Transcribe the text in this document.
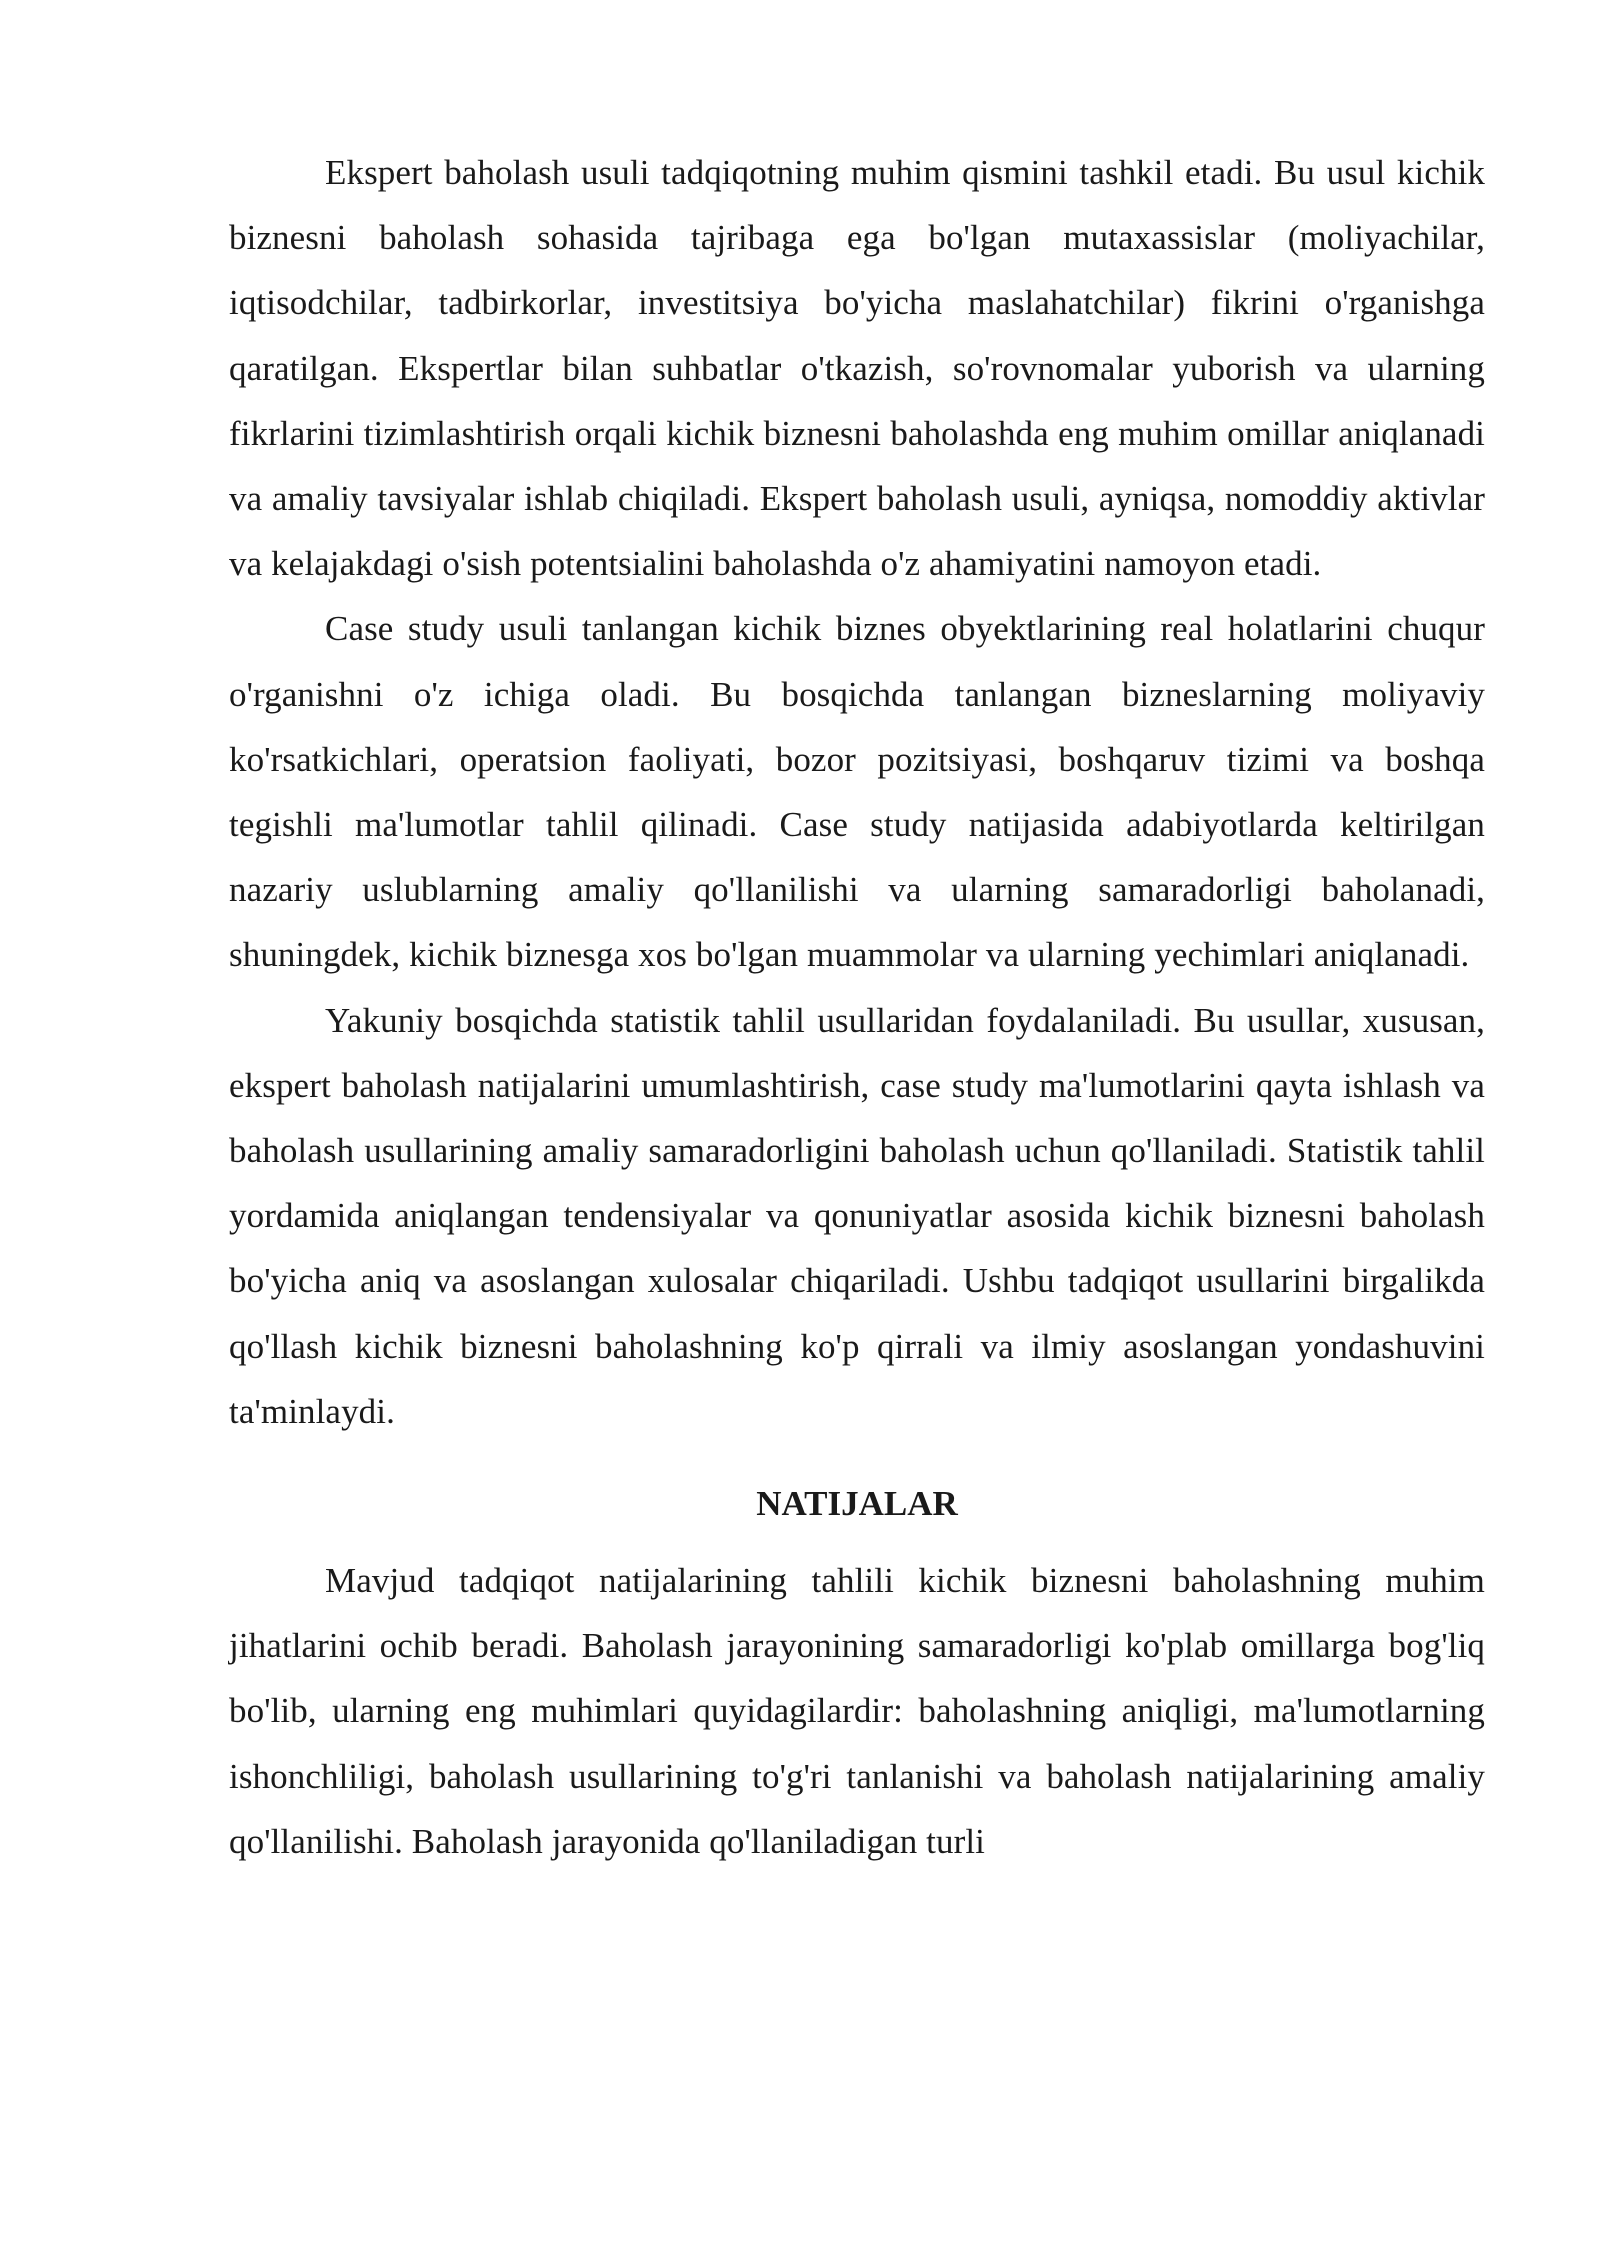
Ekspert baholash usuli tadqiqotning muhim qismini tashkil etadi. Bu usul kichik biznesni baholash sohasida tajribaga ega bo'lgan mutaxassislar (moliyachilar, iqtisodchilar, tadbirkorlar, investitsiya bo'yicha maslahatchilar) fikrini o'rganishga qaratilgan. Ekspertlar bilan suhbatlar o'tkazish, so'rovnomalar yuborish va ularning fikrlarini tizimlashtirish orqali kichik biznesni baholashda eng muhim omillar aniqlanadi va amaliy tavsiyalar ishlab chiqiladi. Ekspert baholash usuli, ayniqsa, nomoddiy aktivlar va kelajakdagi o'sish potentsialini baholashda o'z ahamiyatini namoyon etadi.

Case study usuli tanlangan kichik biznes obyektlarining real holatlarini chuqur o'rganishni o'z ichiga oladi. Bu bosqichda tanlangan bizneslarning moliyaviy ko'rsatkichlari, operatsion faoliyati, bozor pozitsiyasi, boshqaruv tizimi va boshqa tegishli ma'lumotlar tahlil qilinadi. Case study natijasida adabiyotlarda keltirilgan nazariy uslublarning amaliy qo'llanilishi va ularning samaradorligi baholanadi, shuningdek, kichik biznesga xos bo'lgan muammolar va ularning yechimlari aniqlanadi.

Yakuniy bosqichda statistik tahlil usullaridan foydalaniladi. Bu usullar, xususan, ekspert baholash natijalarini umumlashtirish, case study ma'lumotlarini qayta ishlash va baholash usullarining amaliy samaradorligini baholash uchun qo'llaniladi. Statistik tahlil yordamida aniqlangan tendensiyalar va qonuniyatlar asosida kichik biznesni baholash bo'yicha aniq va asoslangan xulosalar chiqariladi. Ushbu tadqiqot usullarini birgalikda qo'llash kichik biznesni baholashning ko'p qirrali va ilmiy asoslangan yondashuvini ta'minlaydi.

NATIJALAR

Mavjud tadqiqot natijalarining tahlili kichik biznesni baholashning muhim jihatlarini ochib beradi. Baholash jarayonining samaradorligi ko'plab omillarga bog'liq bo'lib, ularning eng muhimlari quyidagilardir: baholashning aniqligi, ma'lumotlarning ishonchliligi, baholash usullarining to'g'ri tanlanishi va baholash natijalarining amaliy qo'llanilishi. Baholash jarayonida qo'llaniladigan turli
